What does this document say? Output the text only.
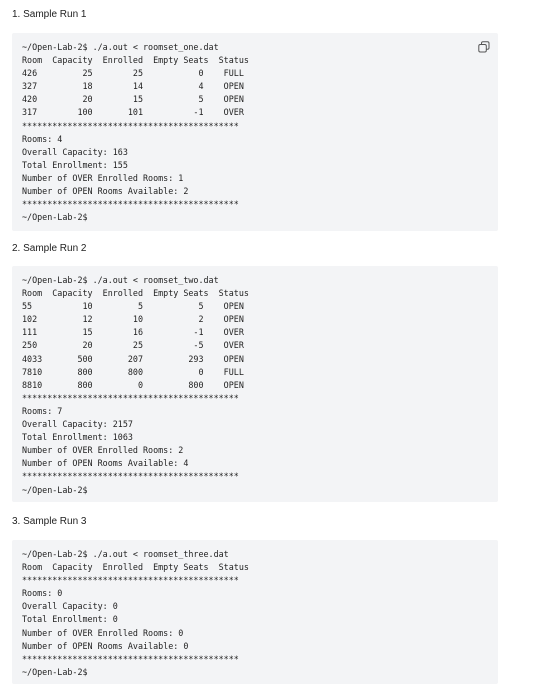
1. Sample Run 1
~/Open-Lab-2$ ./a.out < roomset_one.dat
Room  Capacity  Enrolled  Empty Seats  Status
426         25        25           0    FULL
327         18        14           4    OPEN
420         20        15           5    OPEN
317        100       101          -1    OVER
*******************************************
Rooms: 4
Overall Capacity: 163
Total Enrollment: 155
Number of OVER Enrolled Rooms: 1
Number of OPEN Rooms Available: 2
*******************************************
~/Open-Lab-2$
2. Sample Run 2
~/Open-Lab-2$ ./a.out < roomset_two.dat
Room  Capacity  Enrolled  Empty Seats  Status
55          10         5           5    OPEN
102         12        10           2    OPEN
111         15        16          -1    OVER
250         20        25          -5    OVER
4033       500       207         293    OPEN
7810       800       800           0    FULL
8810       800         0         800    OPEN
*******************************************
Rooms: 7
Overall Capacity: 2157
Total Enrollment: 1063
Number of OVER Enrolled Rooms: 2
Number of OPEN Rooms Available: 4
*******************************************
~/Open-Lab-2$
3. Sample Run 3
~/Open-Lab-2$ ./a.out < roomset_three.dat
Room  Capacity  Enrolled  Empty Seats  Status
*******************************************
Rooms: 0
Overall Capacity: 0
Total Enrollment: 0
Number of OVER Enrolled Rooms: 0
Number of OPEN Rooms Available: 0
*******************************************
~/Open-Lab-2$
